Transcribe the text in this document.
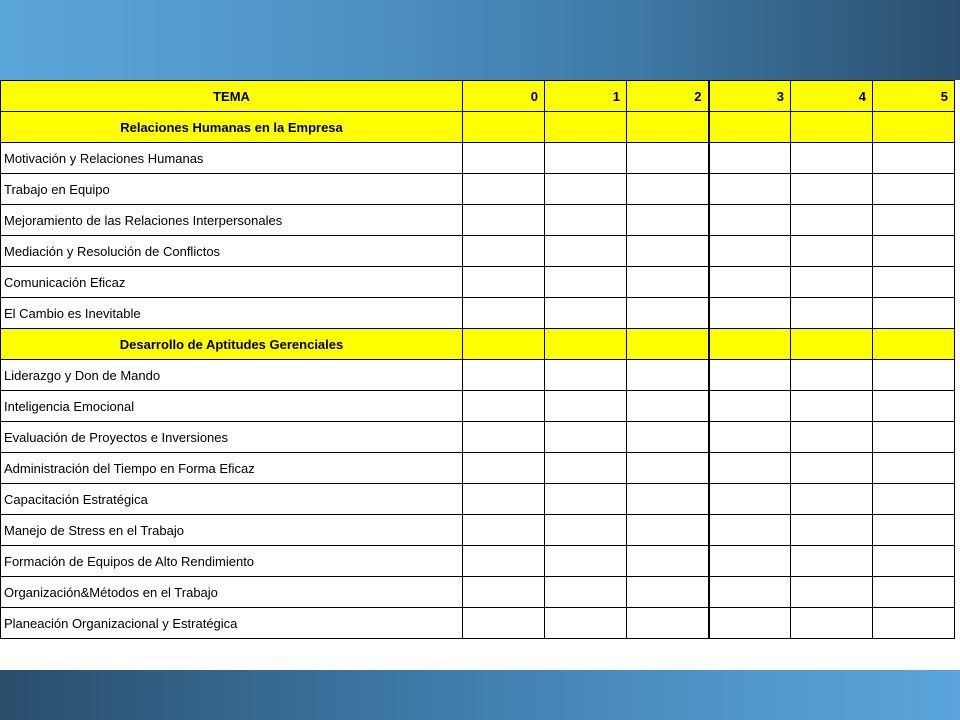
TEMA	0	1	2	3	4	5
Relaciones Humanas en la Empresa						
Motivación y Relaciones Humanas						
Trabajo en Equipo						
Mejoramiento de las Relaciones Interpersonales						
Mediación y Resolución de Conflictos						
Comunicación Eficaz						
El Cambio es Inevitable						
Desarrollo de Aptitudes Gerenciales						
Liderazgo y Don de Mando						
Inteligencia Emocional						
Evaluación de Proyectos e Inversiones						
Administración del Tiempo en Forma Eficaz						
Capacitación Estratégica						
Manejo de Stress en el Trabajo						
Formación de Equipos de Alto Rendimiento						
Organización&Métodos en el Trabajo						
Planeación Organizacional y Estratégica						
